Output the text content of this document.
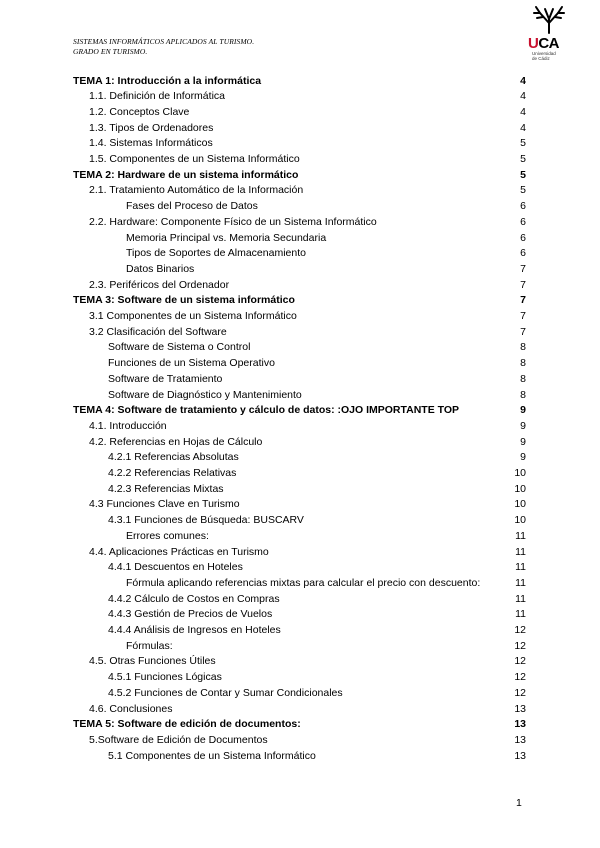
SISTEMAS INFORMÁTICOS APLICADOS AL TURISMO.
GRADO EN TURISMO.	UCA
Universidad
de Cádiz
TEMA 1: Introducción a la informática	4
1.1. Definición de Informática	4
1.2. Conceptos Clave	4
1.3. Tipos de Ordenadores	4
1.4. Sistemas Informáticos	5
1.5. Componentes de un Sistema Informático	5
TEMA 2: Hardware de un sistema informático	5
2.1. Tratamiento Automático de la Información	5
Fases del Proceso de Datos	6
2.2. Hardware: Componente Físico de un Sistema Informático	6
Memoria Principal vs. Memoria Secundaria	6
Tipos de Soportes de Almacenamiento	6
Datos Binarios	7
2.3. Periféricos del Ordenador	7
TEMA 3: Software de un sistema informático	7
3.1 Componentes de un Sistema Informático	7
3.2 Clasificación del Software	7
Software de Sistema o Control	8
Funciones de un Sistema Operativo	8
Software de Tratamiento	8
Software de Diagnóstico y Mantenimiento	8
TEMA 4: Software de tratamiento y cálculo de datos: :OJO IMPORTANTE TOP	9
4.1. Introducción	9
4.2. Referencias en Hojas de Cálculo	9
4.2.1 Referencias Absolutas	9
4.2.2 Referencias Relativas	10
4.2.3 Referencias Mixtas	10
4.3 Funciones Clave en Turismo	10
4.3.1 Funciones de Búsqueda: BUSCARV	10
Errores comunes:	11
4.4. Aplicaciones Prácticas en Turismo	11
4.4.1 Descuentos en Hoteles	11
Fórmula aplicando referencias mixtas para calcular el precio con descuento:	11
4.4.2 Cálculo de Costos en Compras	11
4.4.3 Gestión de Precios de Vuelos	11
4.4.4 Análisis de Ingresos en Hoteles	12
Fórmulas:	12
4.5. Otras Funciones Útiles	12
4.5.1 Funciones Lógicas	12
4.5.2 Funciones de Contar y Sumar Condicionales	12
4.6. Conclusiones	13
TEMA 5: Software de edición de documentos:	13
5.Software de Edición de Documentos	13
5.1 Componentes de un Sistema Informático	13
1
